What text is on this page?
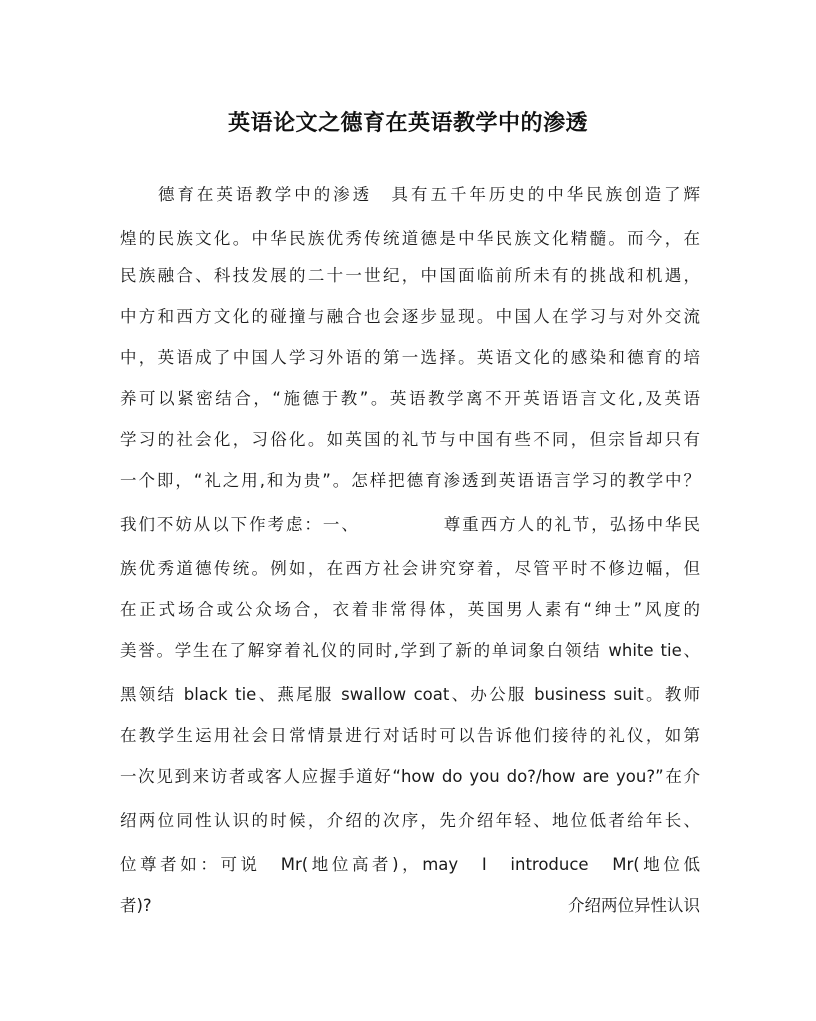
英语论文之德育在英语教学中的渗透
德育在英语教学中的渗透　具有五千年历史的中华民族创造了辉
煌的民族文化。中华民族优秀传统道德是中华民族文化精髓。而今，在
民族融合、科技发展的二十一世纪，中国面临前所未有的挑战和机遇，
中方和西方文化的碰撞与融合也会逐步显现。中国人在学习与对外交流
中，英语成了中国人学习外语的第一选择。英语文化的感染和德育的培
养可以紧密结合，“施德于教”。英语教学离不开英语语言文化,及英语
学习的社会化，习俗化。如英国的礼节与中国有些不同，但宗旨却只有
一个即，“礼之用,和为贵”。怎样把德育渗透到英语语言学习的教学中？
我们不妨从以下作考虑：一、　　　　　尊重西方人的礼节，弘扬中华民
族优秀道德传统。例如，在西方社会讲究穿着，尽管平时不修边幅，但
在正式场合或公众场合，衣着非常得体，英国男人素有“绅士”风度的
美誉。学生在了解穿着礼仪的同时,学到了新的单词象白领结 white tie、
黑领结 black tie、燕尾服 swallow coat、办公服 business suit。教师
在教学生运用社会日常情景进行对话时可以告诉他们接待的礼仪，如第
一次见到来访者或客人应握手道好“how do you do?/how are you?”在介
绍两位同性认识的时候，介绍的次序，先介绍年轻、地位低者给年长、
位尊者如：可说　Mr(地位高者)，may　I　introduce　Mr(地位低
者)?	介绍两位异性认识
